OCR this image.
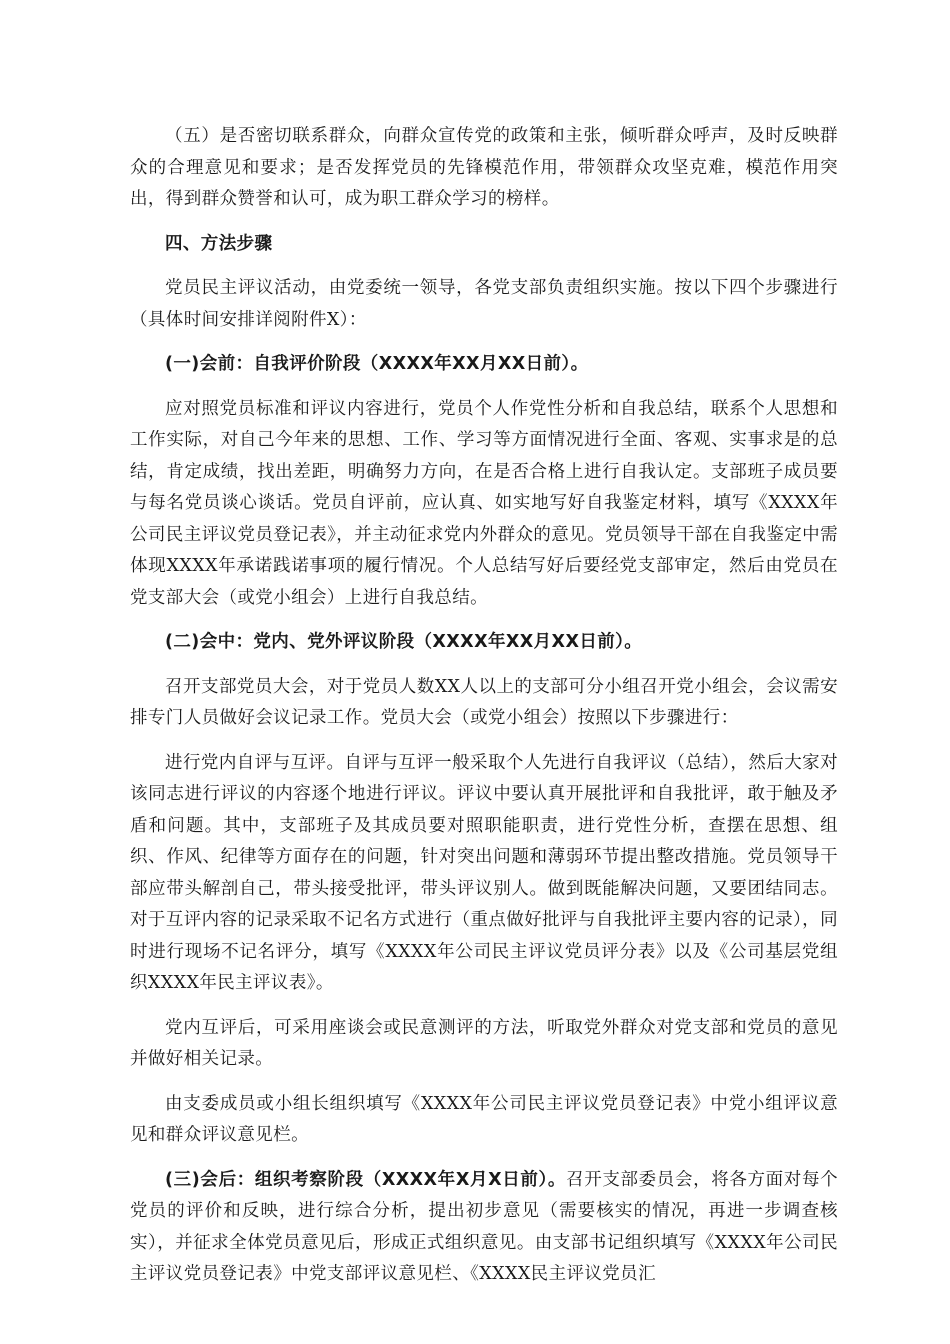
（五）是否密切联系群众，向群众宣传党的政策和主张，倾听群众呼声，及时反映群众的合理意见和要求；是否发挥党员的先锋模范作用，带领群众攻坚克难，模范作用突出，得到群众赞誉和认可，成为职工群众学习的榜样。

四、方法步骤

党员民主评议活动，由党委统一领导，各党支部负责组织实施。按以下四个步骤进行（具体时间安排详阅附件X）：

(一)会前：自我评价阶段（XXXX年XX月XX日前）。

应对照党员标准和评议内容进行，党员个人作党性分析和自我总结，联系个人思想和工作实际，对自己今年来的思想、工作、学习等方面情况进行全面、客观、实事求是的总结，肯定成绩，找出差距，明确努力方向，在是否合格上进行自我认定。支部班子成员要与每名党员谈心谈话。党员自评前，应认真、如实地写好自我鉴定材料，填写《XXXX年公司民主评议党员登记表》，并主动征求党内外群众的意见。党员领导干部在自我鉴定中需体现XXXX年承诺践诺事项的履行情况。个人总结写好后要经党支部审定，然后由党员在党支部大会（或党小组会）上进行自我总结。

(二)会中：党内、党外评议阶段（XXXX年XX月XX日前）。

召开支部党员大会，对于党员人数XX人以上的支部可分小组召开党小组会，会议需安排专门人员做好会议记录工作。党员大会（或党小组会）按照以下步骤进行：

进行党内自评与互评。自评与互评一般采取个人先进行自我评议（总结），然后大家对该同志进行评议的内容逐个地进行评议。评议中要认真开展批评和自我批评，敢于触及矛盾和问题。其中，支部班子及其成员要对照职能职责，进行党性分析，查摆在思想、组织、作风、纪律等方面存在的问题，针对突出问题和薄弱环节提出整改措施。党员领导干部应带头解剖自己，带头接受批评，带头评议别人。做到既能解决问题，又要团结同志。对于互评内容的记录采取不记名方式进行（重点做好批评与自我批评主要内容的记录），同时进行现场不记名评分，填写《XXXX年公司民主评议党员评分表》以及《公司基层党组织XXXX年民主评议表》。

党内互评后，可采用座谈会或民意测评的方法，听取党外群众对党支部和党员的意见并做好相关记录。

由支委成员或小组长组织填写《XXXX年公司民主评议党员登记表》中党小组评议意见和群众评议意见栏。

(三)会后：组织考察阶段（XXXX年X月X日前）。召开支部委员会，将各方面对每个党员的评价和反映，进行综合分析，提出初步意见（需要核实的情况，再进一步调查核实），并征求全体党员意见后，形成正式组织意见。由支部书记组织填写《XXXX年公司民主评议党员登记表》中党支部评议意见栏、《XXXX民主评议党员汇
